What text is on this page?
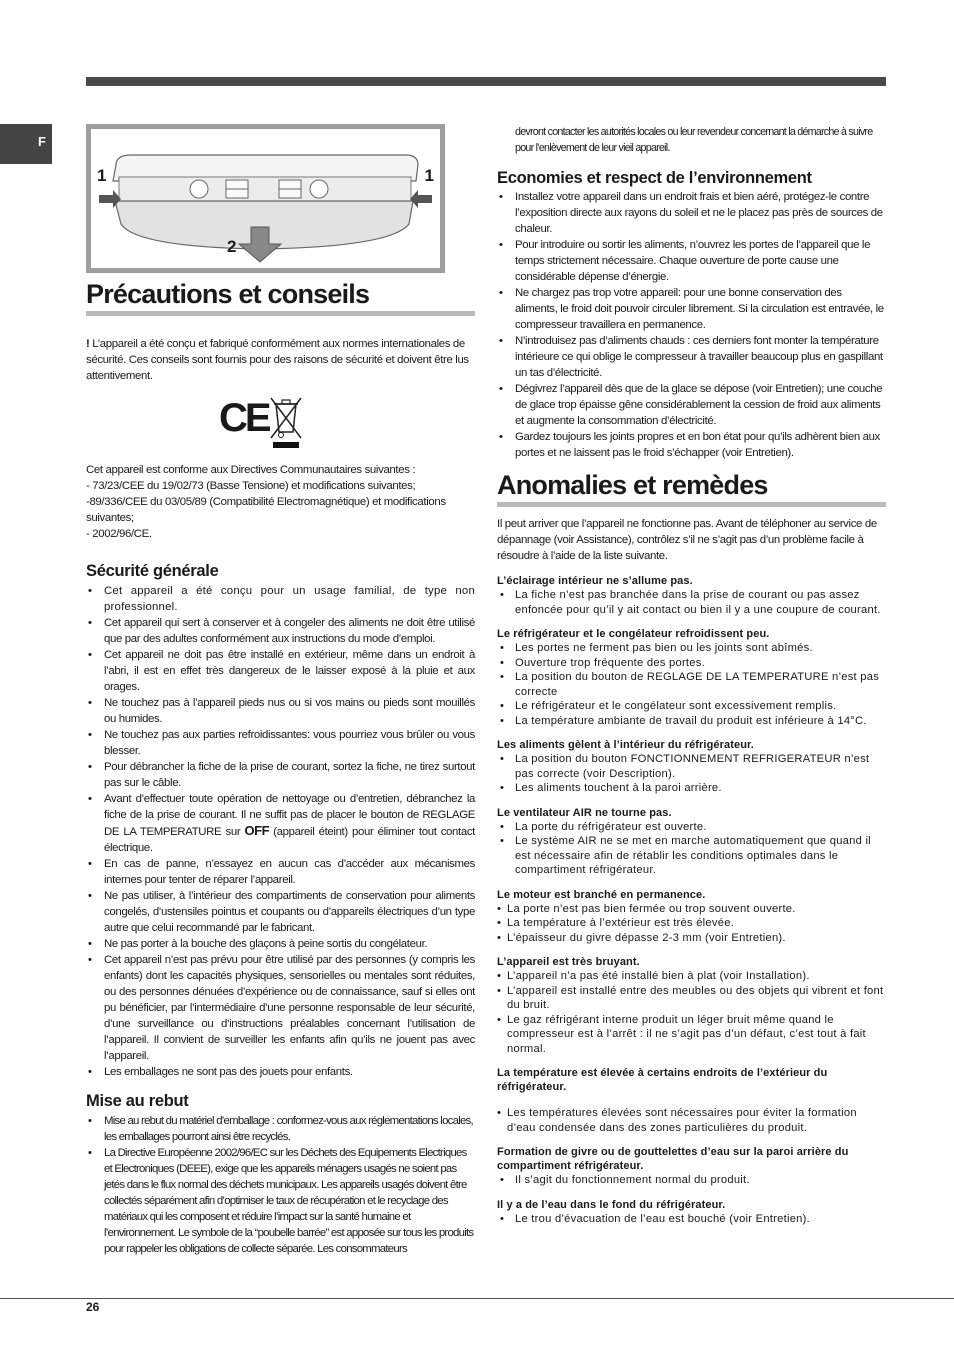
F
1	1
2
Précautions et conseils

! L’appareil a été conçu et fabriqué conformément aux normes internationales de sécurité. Ces conseils sont fournis pour des raisons de sécurité et doivent être lus attentivement.

CE

Cet appareil est conforme aux Directives Communautaires suivantes :

- 73/23/CEE du 19/02/73 (Basse Tensione) et modifications suivantes;

-89/336/CEE du 03/05/89 (Compatibilité Electromagnétique) et modifications suivantes;

- 2002/96/CE.

Sécurité générale
• Cet appareil a été conçu pour un usage familial, de type non professionnel.
• Cet appareil qui sert à conserver et à congeler des aliments ne doit être utilisé que par des adultes conformément aux instructions du mode d’emploi.
• Cet appareil ne doit pas être installé en extérieur, même dans un endroit à l’abri, il est en effet très dangereux de le laisser exposé à la pluie et aux orages.
• Ne touchez pas à l’appareil pieds nus ou si vos mains ou pieds sont mouillés ou humides.
• Ne touchez pas aux parties refroidissantes: vous pourriez vous brûler ou vous blesser.
• Pour débrancher la fiche de la prise de courant, sortez la fiche, ne tirez surtout pas sur le câble.
• Avant d’effectuer toute opération de nettoyage ou d’entretien, débranchez la fiche de la prise de courant. Il ne suffit pas de placer le bouton de REGLAGE DE LA TEMPERATURE sur OFF (appareil éteint) pour éliminer tout contact électrique.
• En cas de panne, n’essayez en aucun cas d’accéder aux mécanismes internes pour tenter de réparer l’appareil.
• Ne pas utiliser, à l’intérieur des compartiments de conservation pour aliments congelés, d’ustensiles pointus et coupants ou d’appareils électriques d’un type autre que celui recommandé par le fabricant.
• Ne pas porter à la bouche des glaçons à peine sortis du congélateur.
• Cet appareil n’est pas prévu pour être utilisé par des personnes (y compris les enfants) dont les capacités physiques, sensorielles ou mentales sont réduites, ou des personnes dénuées d’expérience ou de connaissance, sauf si elles ont pu bénéficier, par l’intermédiaire d’une personne responsable de leur sécurité, d’une surveillance ou d’instructions préalables concernant l’utilisation de l’appareil. Il convient de surveiller les enfants afin qu’ils ne jouent pas avec l’appareil.
• Les emballages ne sont pas des jouets pour enfants.
Mise au rebut
• Mise au rebut du matériel d’emballage : conformez-vous aux réglementations locales, les emballages pourront ainsi être recyclés.
• La Directive Européenne 2002/96/EC sur les Déchets des Equipements Electriques et Electroniques (DEEE), exige que les appareils ménagers usagés ne soient pas jetés dans le flux normal des déchets municipaux. Les appareils usagés doivent être collectés séparément afin d’optimiser le taux de récupération et le recyclage des matériaux qui les composent et réduire l’impact sur la santé humaine et l’environnement. Le symbole de la “poubelle barrée” est apposée sur tous les produits pour rappeler les obligations de collecte séparée. Les consommateurs

devront contacter les autorités locales ou leur revendeur concernant la démarche à suivre pour l’enlèvement de leur vieil appareil.

Economies et respect de l’environnement
• Installez votre appareil dans un endroit frais et bien aéré, protégez-le contre l’exposition directe aux rayons du soleil et ne le placez pas près de sources de chaleur.
• Pour introduire ou sortir les aliments, n’ouvrez les portes de l’appareil que le temps strictement nécessaire. Chaque ouverture de porte cause une considérable dépense d’énergie.
• Ne chargez pas trop votre appareil: pour une bonne conservation des aliments, le froid doit pouvoir circuler librement. Si la circulation est entravée, le compresseur travaillera en permanence.
• N’introduisez pas d’aliments chauds : ces derniers font monter la température intérieure ce qui oblige le compresseur à travailler beaucoup plus en gaspillant un tas d’électricité.
• Dégivrez l’appareil dès que de la glace se dépose (voir Entretien); une couche de glace trop épaisse gêne considérablement la cession de froid aux aliments et augmente la consommation d’électricité.
• Gardez toujours les joints propres et en bon état pour qu’ils adhèrent bien aux portes et ne laissent pas le froid s’échapper (voir Entretien).
Anomalies et remèdes

Il peut arriver que l’appareil ne fonctionne pas. Avant de téléphoner au service de dépannage (voir Assistance), contrôlez s’il ne s’agit pas d’un problème facile à résoudre à l’aide de la liste suivante.

L’éclairage intérieur ne s’allume pas.

• La fiche n’est pas branchée dans la prise de courant ou pas assez enfoncée pour qu’il y ait contact ou bien il y a une coupure de courant.

Le réfrigérateur et le congélateur refroidissent peu.

• Les portes ne ferment pas bien ou les joints sont abîmés.
• Ouverture trop fréquente des portes.
• La position du bouton de REGLAGE DE LA TEMPERATURE n’est pas correcte
• Le réfrigérateur et le congélateur sont excessivement remplis.
• La température ambiante de travail du produit est inférieure à 14°C.

Les aliments gèlent à l’intérieur du réfrigérateur.

• La position du bouton FONCTIONNEMENT REFRIGERATEUR n’est pas correcte (voir Description).
• Les aliments touchent à la paroi arrière.

Le ventilateur AIR ne tourne pas.

• La porte du réfrigérateur est ouverte.
• Le système AIR ne se met en marche automatiquement que quand il est nécessaire afin de rétablir les conditions optimales dans le compartiment réfrigérateur.

Le moteur est branché en permanence.

• La porte n’est pas bien fermée ou trop souvent ouverte.
• La température à l’extérieur est très élevée.
• L’épaisseur du givre dépasse 2-3 mm (voir Entretien).

L’appareil est très bruyant.

• L’appareil n’a pas été installé bien à plat (voir Installation).
• L’appareil est installé entre des meubles ou des objets qui vibrent et font du bruit.
• Le gaz réfrigérant interne produit un léger bruit même quand le compresseur est à l’arrêt : il ne s’agit pas d’un défaut, c’est tout à fait normal.

La température est élevée à certains endroits de l’extérieur du réfrigérateur.

• Les températures élevées sont nécessaires pour éviter la formation d’eau condensée dans des zones particulières du produit.

Formation de givre ou de gouttelettes d’eau sur la paroi arrière du compartiment réfrigérateur.

• Il s’agit du fonctionnement normal du produit.

Il y a de l’eau dans le fond du réfrigérateur.

• Le trou d’évacuation de l’eau est bouché (voir Entretien).
26
